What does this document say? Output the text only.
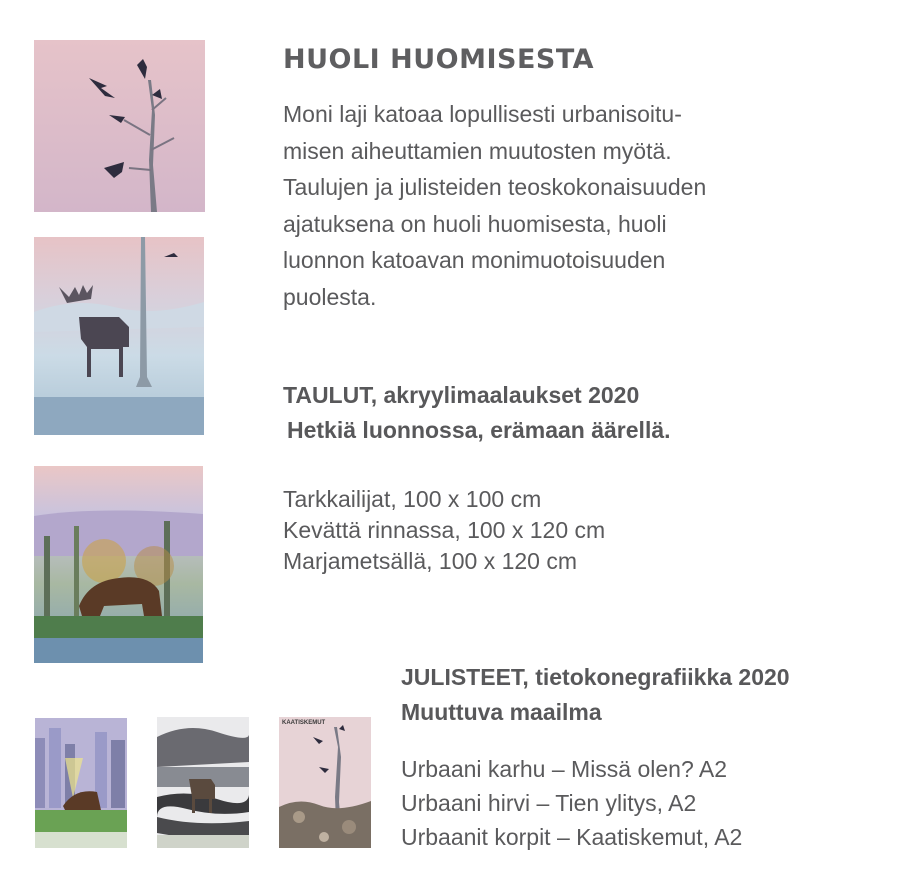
KAATISKEMUT
HUOLI HUOMISESTA
Moni laji katoaa lopullisesti urbanisoitu-
misen aiheuttamien muutosten myötä.
Taulujen ja julisteiden teoskokonaisuuden
ajatuksena on huoli huomisesta, huoli
luonnon katoavan monimuotoisuuden
puolesta.
TAULUT, akryylimaalaukset 2020
Hetkiä luonnossa, erämaan äärellä.
Tarkkailijat, 100 x 100 cm
Kevättä rinnassa, 100 x 120 cm
Marjametsällä, 100 x 120 cm
JULISTEET, tietokonegrafiikka 2020
Muuttuva maailma
Urbaani karhu – Missä olen? A2
Urbaani hirvi – Tien ylitys, A2
Urbaanit korpit – Kaatiskemut, A2
